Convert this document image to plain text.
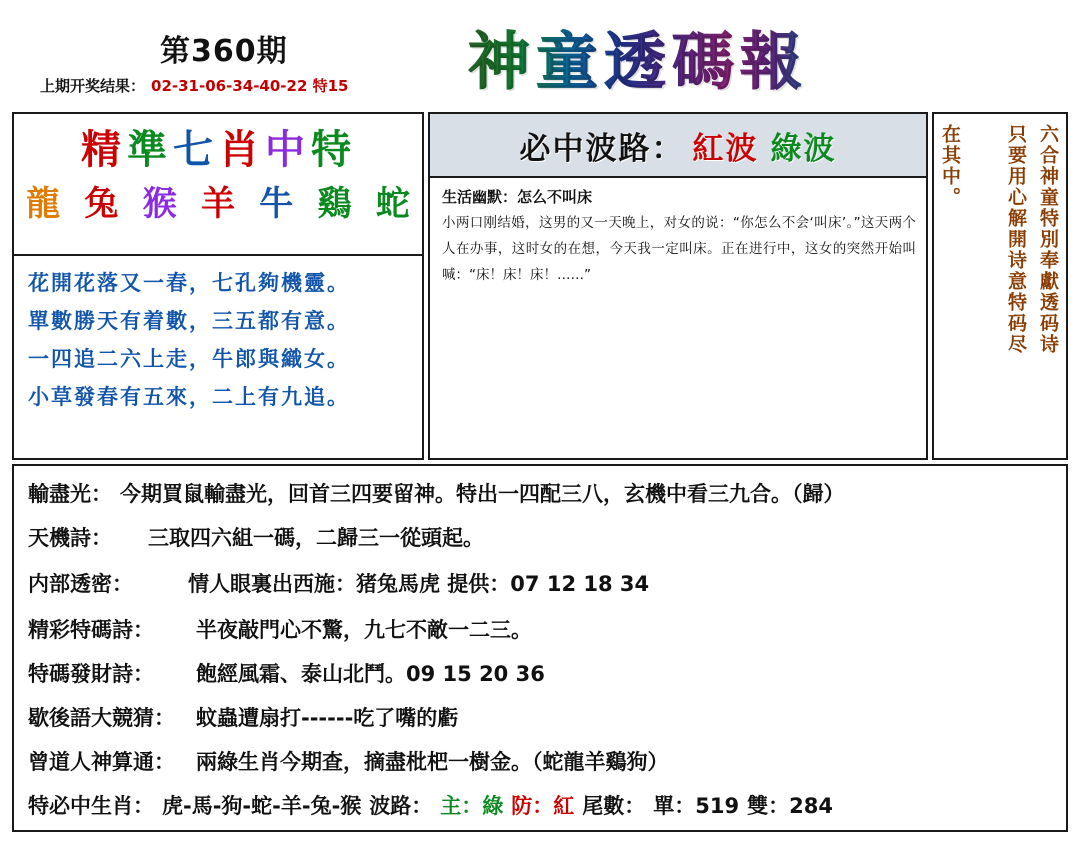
第360期
上期开奖结果： 02-31-06-34-40-22 特15 神童透碼報
精準七肖中特
龍 兔 猴 羊 牛 鷄 蛇
花開花落又一春，七孔夠機靈。
單數勝天有着數，三五都有意。
一四追二六上走，牛郎與織女。
小草發春有五來，二上有九追。
必中波路： 紅波 綠波
生活幽默：怎么不叫床
小两口刚结婚，这男的又一天晚上，对女的说：“你怎么不会‘叫床’。”这天两个人在办事，这时女的在想，今天我一定叫床。正在进行中，这女的突然开始叫喊：“床！床！床！……”	六合神童特別奉獻透码诗
只要用心解開诗意特码尽
在其中。
輸盡光： 今期買鼠輸盡光，回首三四要留神。特出一四配三八，玄機中看三九合。（歸）
天機詩： 三取四六組一碼，二歸三一從頭起。
内部透密：	情人眼裏出西施：猪兔馬虎 提供：07 12 18 34
精彩特碼詩： 半夜敲門心不驚，九七不敵一二三。
特碼發財詩： 飽經風霜、泰山北鬥。09 15 20 36
歇後語大競猜： 蚊蟲遭扇打------吃了嘴的虧
曾道人神算通： 兩綠生肖今期查，摘盡枇杷一樹金。（蛇龍羊鷄狗）
特必中生肖： 虎-馬-狗-蛇-羊-兔-猴 波路： 主：綠 防：紅 尾數： 單：519 雙：284
